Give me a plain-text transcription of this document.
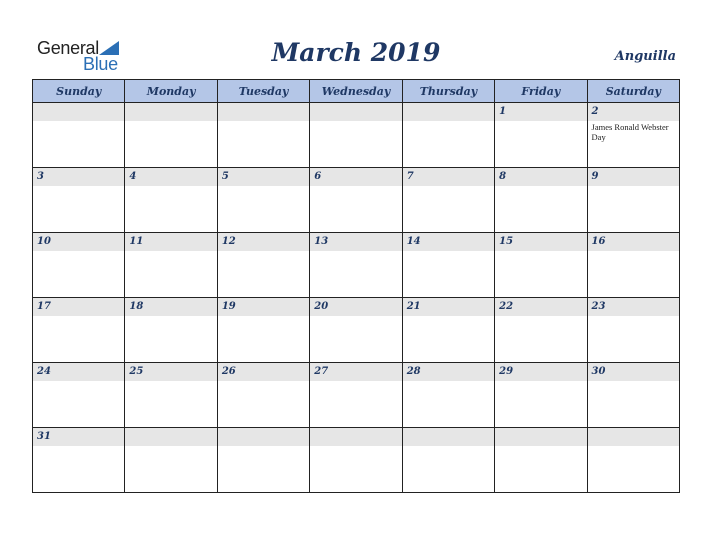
General
Blue	March 2019	Anguilla
Sunday	Monday	Tuesday	Wednesday	Thursday	Friday	Saturday

					1	2
James Ronald Webster Day

3	4	5	6	7	8	9

10	11	12	13	14	15	16

17	18	19	20	21	22	23

24	25	26	27	28	29	30

31						
